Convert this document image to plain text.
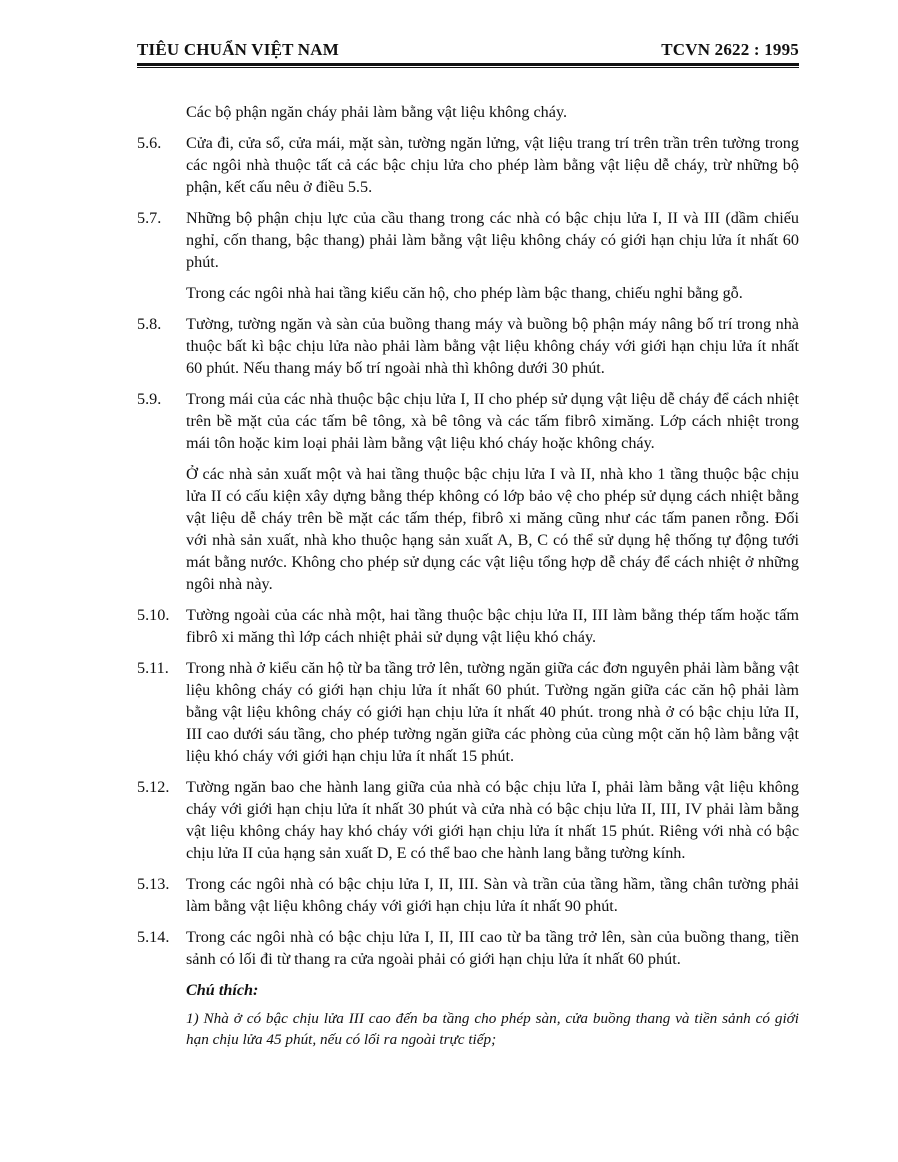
TIÊU CHUẨN VIỆT NAM	TCVN 2622 : 1995

Các bộ phận ngăn cháy phải làm bằng vật liệu không cháy.

5.6.	Cửa đi, cửa sổ, cửa mái, mặt sàn, tường ngăn lửng, vật liệu trang trí trên trần trên tường trong các ngôi nhà thuộc tất cả các bậc chịu lửa cho phép làm bằng vật liệu dễ cháy, trừ những bộ phận, kết cấu nêu ở điều 5.5.
5.7.	Những bộ phận chịu lực của cầu thang trong các nhà có bậc chịu lửa I, II và III (dầm chiếu nghỉ, cốn thang, bậc thang) phải làm bằng vật liệu không cháy có giới hạn chịu lửa ít nhất 60 phút.

Trong các ngôi nhà hai tầng kiểu căn hộ, cho phép làm bậc thang, chiếu nghỉ bằng gỗ.

5.8.	Tường, tường ngăn và sàn của buồng thang máy và buồng bộ phận máy nâng bố trí trong nhà thuộc bất kì bậc chịu lửa nào phải làm bằng vật liệu không cháy với giới hạn chịu lửa ít nhất 60 phút. Nếu thang máy bố trí ngoài nhà thì không dưới 30 phút.
5.9.	Trong mái của các nhà thuộc bậc chịu lửa I, II cho phép sử dụng vật liệu dễ cháy để cách nhiệt trên bề mặt của các tấm bê tông, xà bê tông và các tấm fibrô ximăng. Lớp cách nhiệt trong mái tôn hoặc kim loại phải làm bằng vật liệu khó cháy hoặc không cháy.

Ở các nhà sản xuất một và hai tầng thuộc bậc chịu lửa I và II, nhà kho 1 tầng thuộc bậc chịu lửa II có cấu kiện xây dựng bằng thép không có lớp bảo vệ cho phép sử dụng cách nhiệt bằng vật liệu dễ cháy trên bề mặt các tấm thép, fibrô xi măng cũng như các tấm panen rỗng. Đối với nhà sản xuất, nhà kho thuộc hạng sản xuất A, B, C có thể sử dụng hệ thống tự động tưới mát bằng nước. Không cho phép sử dụng các vật liệu tổng hợp dễ cháy để cách nhiệt ở những ngôi nhà này.

5.10.	Tường ngoài của các nhà một, hai tầng thuộc bậc chịu lửa II, III làm bằng thép tấm hoặc tấm fibrô xi măng thì lớp cách nhiệt phải sử dụng vật liệu khó cháy.
5.11.	Trong nhà ở kiểu căn hộ từ ba tầng trở lên, tường ngăn giữa các đơn nguyên phải làm bằng vật liệu không cháy có giới hạn chịu lửa ít nhất 60 phút. Tường ngăn giữa các căn hộ phải làm bằng vật liệu không cháy có giới hạn chịu lửa ít nhất 40 phút. trong nhà ở có bậc chịu lửa II, III cao dưới sáu tầng, cho phép tường ngăn giữa các phòng của cùng một căn hộ làm bằng vật liệu khó cháy với giới hạn chịu lửa ít nhất 15 phút.
5.12.	Tường ngăn bao che hành lang giữa của nhà có bậc chịu lửa I, phải làm bằng vật liệu không cháy với giới hạn chịu lửa ít nhất 30 phút và cửa nhà có bậc chịu lửa II, III, IV phải làm bằng vật liệu không cháy hay khó cháy với giới hạn chịu lửa ít nhất 15 phút. Riêng với nhà có bậc chịu lửa II của hạng sản xuất D, E có thể bao che hành lang bằng tường kính.
5.13.	Trong các ngôi nhà có bậc chịu lửa I, II, III. Sàn và trần của tầng hầm, tầng chân tường phải làm bằng vật liệu không cháy với giới hạn chịu lửa ít nhất 90 phút.
5.14.	Trong các ngôi nhà có bậc chịu lửa I, II, III cao từ ba tầng trở lên, sàn của buồng thang, tiền sảnh có lối đi từ thang ra cửa ngoài phải có giới hạn chịu lửa ít nhất 60 phút.
Chú thích:
1) Nhà ở có bậc chịu lửa III cao đến ba tầng cho phép sàn, cửa buồng thang và tiền sảnh có giới hạn chịu lửa 45 phút, nếu có lối ra ngoài trực tiếp;
